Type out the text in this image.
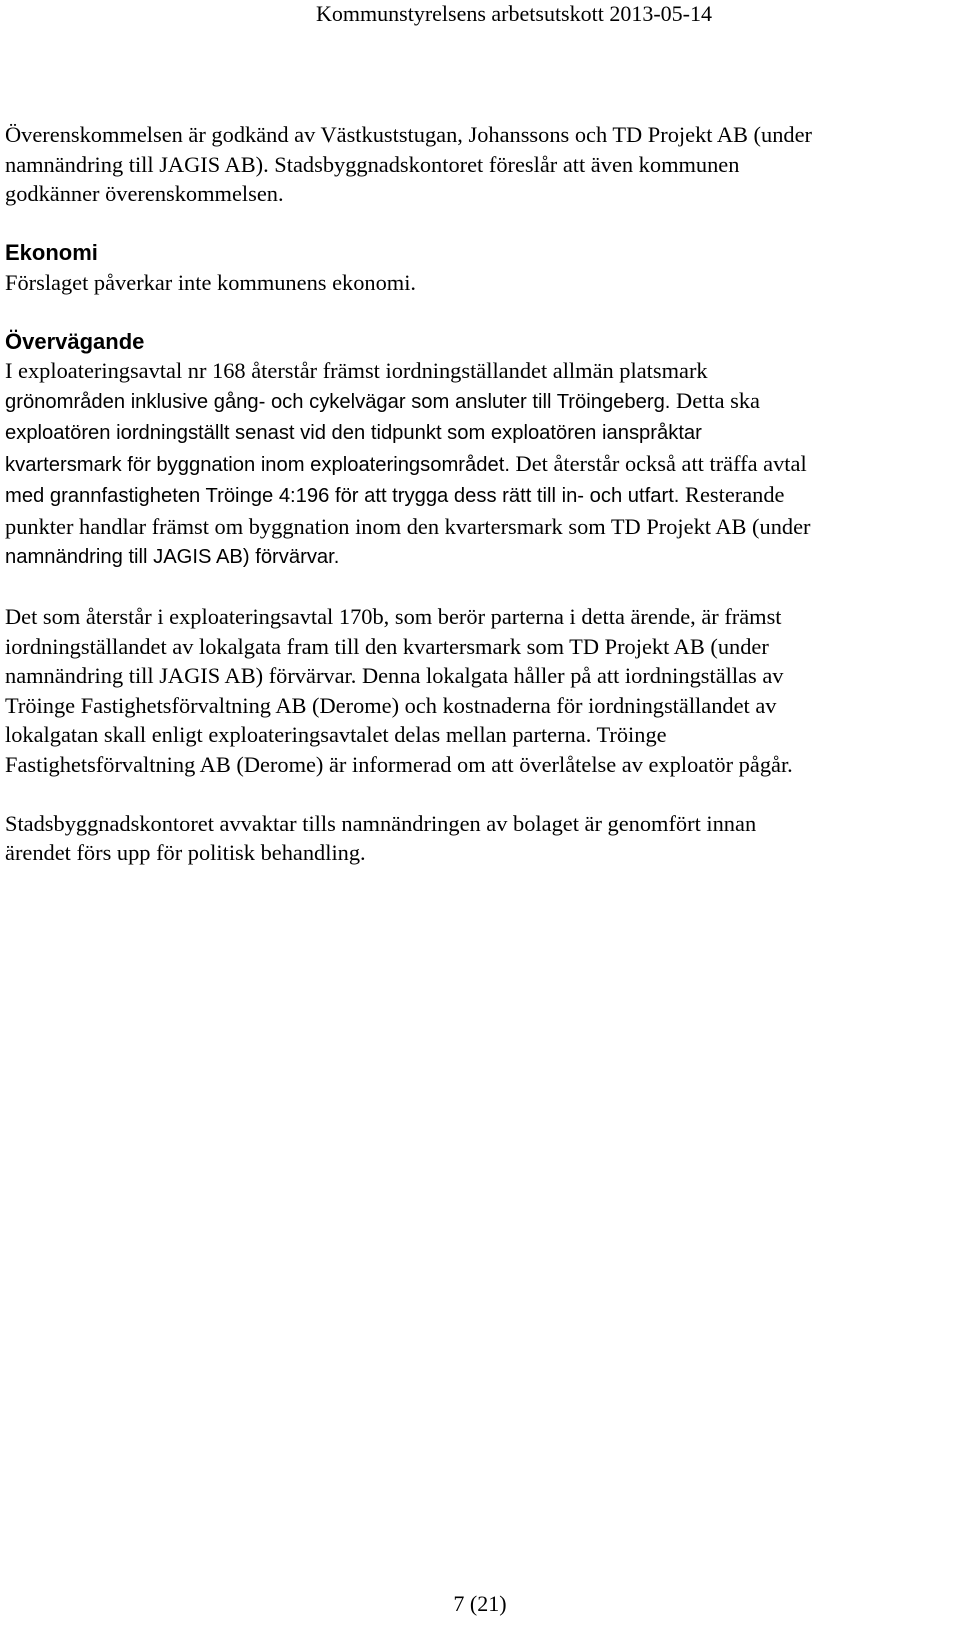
Kommunstyrelsens arbetsutskott 2013-05-14

Överenskommelsen är godkänd av Västkuststugan, Johanssons och TD Projekt AB (under
namnändring till JAGIS AB). Stadsbyggnadskontoret föreslår att även kommunen
godkänner överenskommelsen.

Ekonomi
Förslaget påverkar inte kommunens ekonomi.

Övervägande
I exploateringsavtal nr 168 återstår främst iordningställandet allmän platsmark
grönområden inklusive gång- och cykelvägar som ansluter till Tröingeberg. Detta ska
exploatören iordningställt senast vid den tidpunkt som exploatören ianspråktar
kvartersmark för byggnation inom exploateringsområdet. Det återstår också att träffa avtal
med grannfastigheten Tröinge 4:196 för att trygga dess rätt till in- och utfart. Resterande
punkter handlar främst om byggnation inom den kvartersmark som TD Projekt AB (under
namnändring till JAGIS AB) förvärvar.

Det som återstår i exploateringsavtal 170b, som berör parterna i detta ärende, är främst
iordningställandet av lokalgata fram till den kvartersmark som TD Projekt AB (under
namnändring till JAGIS AB) förvärvar. Denna lokalgata håller på att iordningställas av
Tröinge Fastighetsförvaltning AB (Derome) och kostnaderna för iordningställandet av
lokalgatan skall enligt exploateringsavtalet delas mellan parterna. Tröinge
Fastighetsförvaltning AB (Derome) är informerad om att överlåtelse av exploatör pågår.

Stadsbyggnadskontoret avvaktar tills namnändringen av bolaget är genomfört innan
ärendet förs upp för politisk behandling.

7 (21)
